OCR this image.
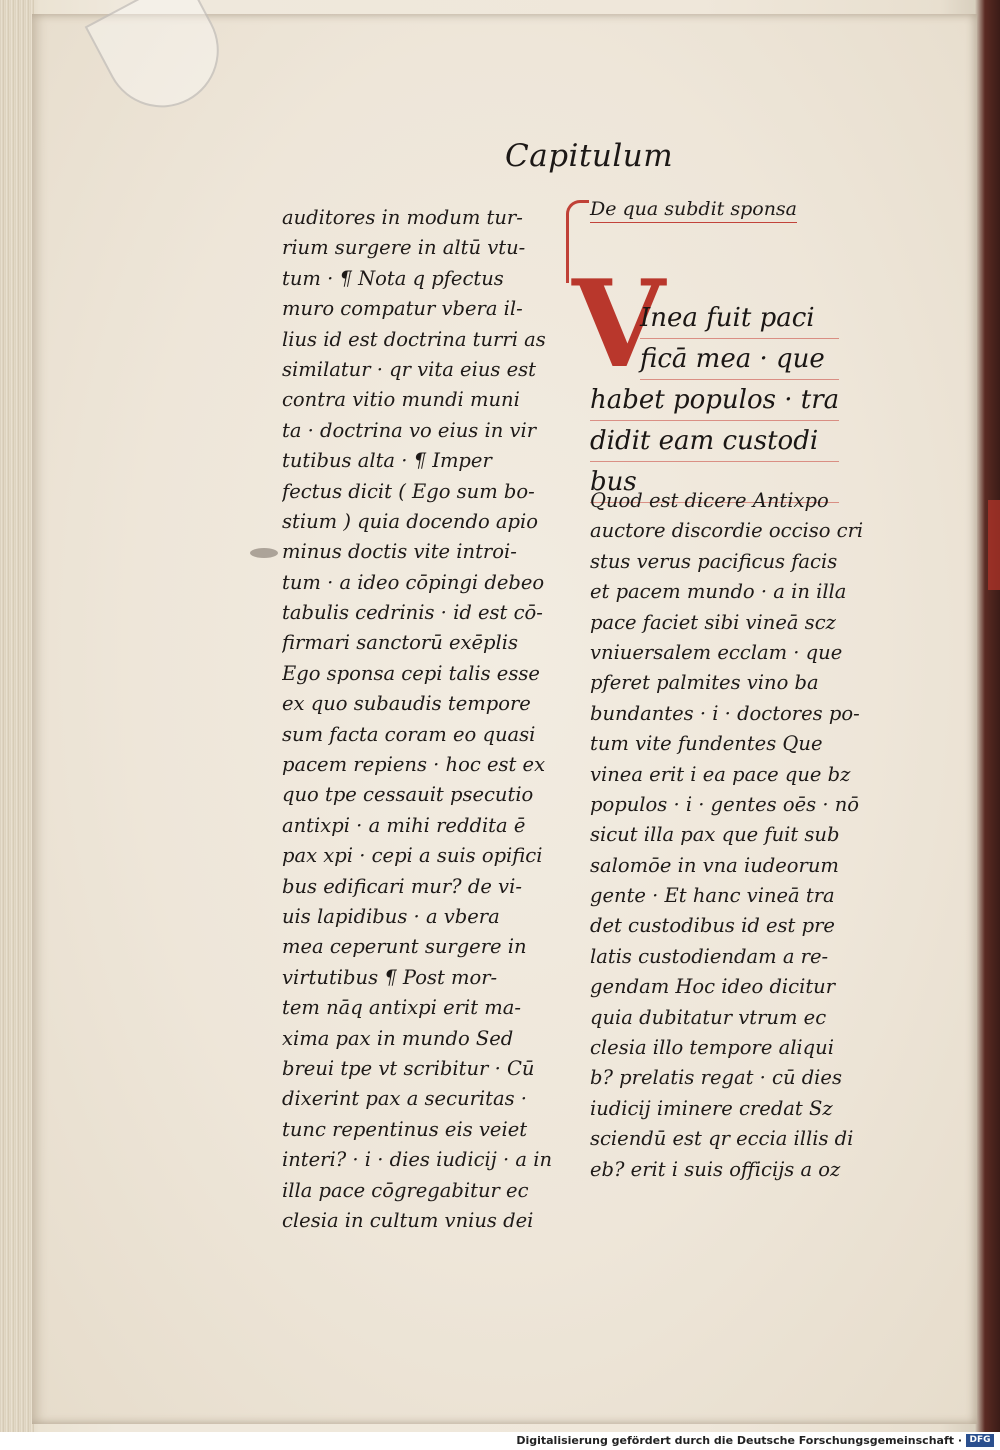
Capitulum
auditores in modum tur-
rium surgere in altū vtu-
tum · ¶ Nota q pfectus
muro compatur vbera il-
lius id est doctrina turri as
similatur · qr vita eius est
contra vitio mundi muni
ta · doctrina vo eius in vir
tutibus alta · ¶ Imper
fectus dicit ( Ego sum bo-
stium ) quia docendo apio
minus doctis vite introi-
tum · a ideo cōpingi debeo
tabulis cedrinis · id est cō-
firmari sanctorū exēplis
Ego sponsa cepi talis esse
ex quo subaudis tempore
sum facta coram eo quasi
pacem repiens · hoc est ex
quo tpe cessauit psecutio
antixpi · a mihi reddita ē
pax xpi · cepi a suis opifici
bus edificari mur? de vi-
uis lapidibus · a vbera
mea ceperunt surgere in
virtutibus ¶ Post mor-
tem nāq antixpi erit ma-
xima pax in mundo Sed
breui tpe vt scribitur · Cū
dixerint pax a securitas ·
tunc repentinus eis veiet
interi? · i · dies iudicij · a in
illa pace cōgregabitur ec
clesia in cultum vnius dei
De qua subdit sponsa
V
Inea fuit paci
ficā mea · que
habet populos · tra
didit eam custodi
bus
Quod est dicere Antixpo
auctore discordie occiso cri
stus verus pacificus facis
et pacem mundo · a in illa
pace faciet sibi vineā scz
vniuersalem ecclam · que
pferet palmites vino ba
bundantes · i · doctores po-
tum vite fundentes Que
vinea erit i ea pace que bz
populos · i · gentes oēs · nō
sicut illa pax que fuit sub
salomōe in vna iudeorum
gente · Et hanc vineā tra
det custodibus id est pre
latis custodiendam a re-
gendam Hoc ideo dicitur
quia dubitatur vtrum ec
clesia illo tempore aliqui
b? prelatis regat · cū dies
iudicij iminere credat Sz
sciendū est qr eccia illis di
eb? erit i suis officijs a oz
Digitalisierung gefördert durch die Deutsche Forschungsgemeinschaft · DFG
